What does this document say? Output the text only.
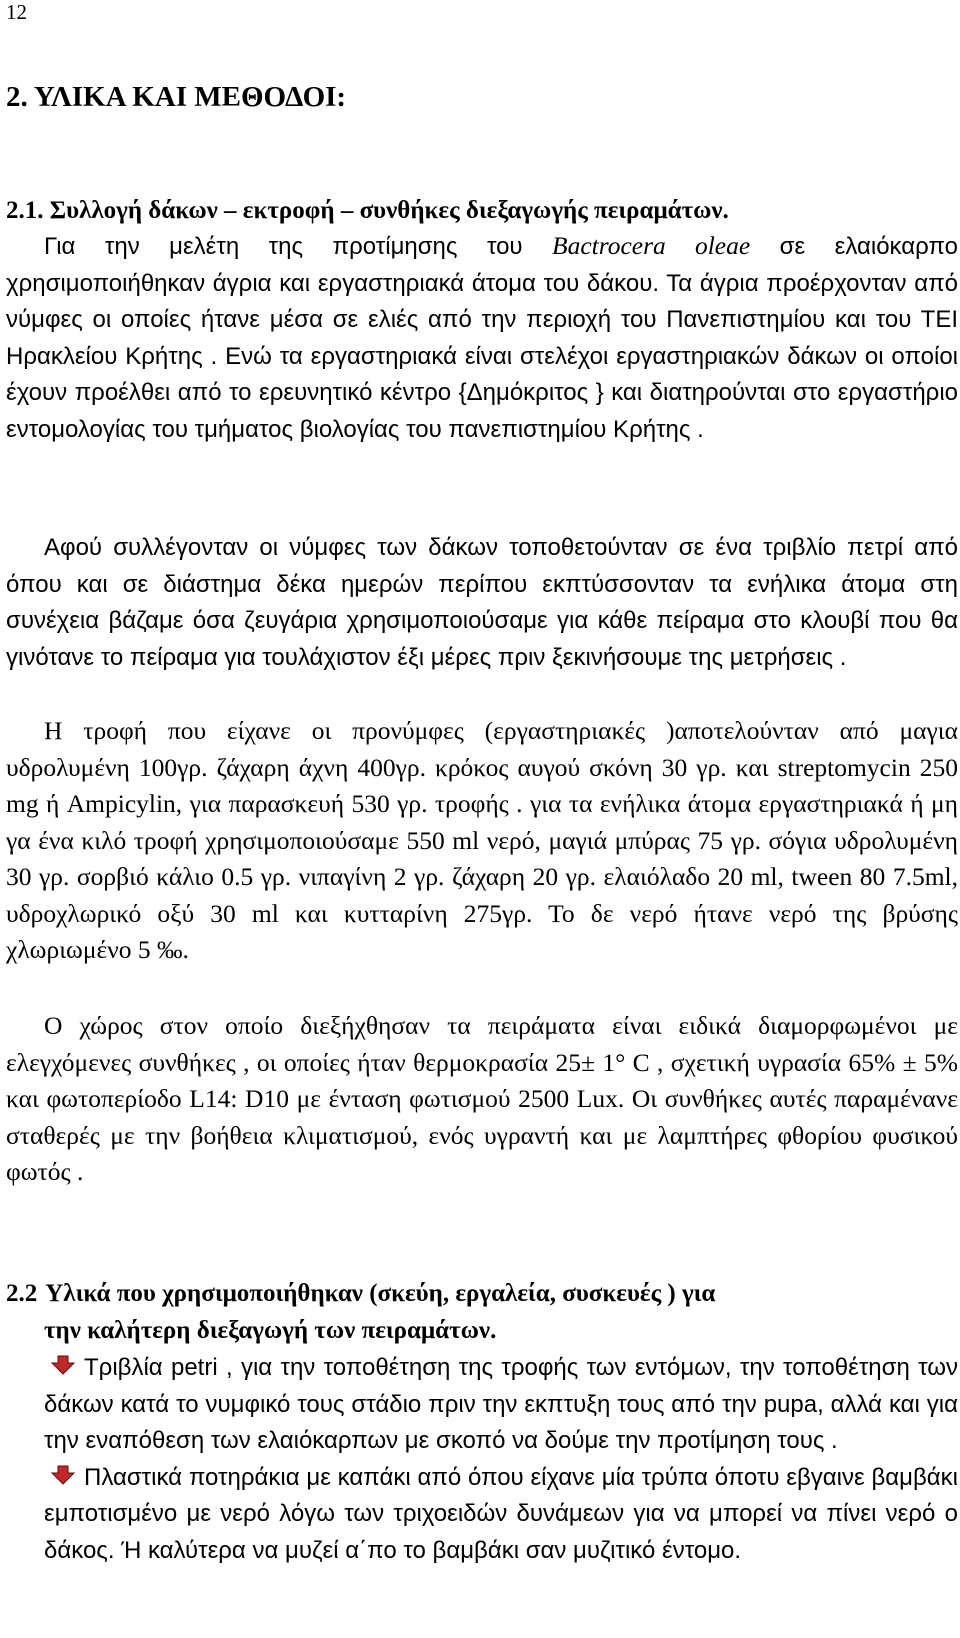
12
2. ΥΛΙΚΑ ΚΑΙ ΜΕΘΟΔΟΙ:
2.1. Συλλογή δάκων – εκτροφή – συνθήκες διεξαγωγής πειραμάτων.

Για την μελέτη της προτίμησης του Bactrocera oleae σε ελαιόκαρπο χρησιμοποιήθηκαν άγρια και εργαστηριακά άτομα του δάκου. Τα άγρια προέρχονταν από νύμφες οι οποίες ήτανε μέσα σε ελιές από την περιοχή του Πανεπιστημίου και του ΤΕΙ Ηρακλείου Κρήτης . Ενώ τα εργαστηριακά είναι στελέχοι εργαστηριακών δάκων οι οποίοι έχουν προέλθει από το ερευνητικό κέντρο {Δημόκριτος } και διατηρούνται στο εργαστήριο εντομολογίας του τμήματος βιολογίας του πανεπιστημίου Κρήτης .

Αφού συλλέγονταν οι νύμφες των δάκων τοποθετούνταν σε ένα τριβλίο πετρί από όπου και σε διάστημα δέκα ημερών περίπου εκπτύσσονταν τα ενήλικα άτομα στη συνέχεια βάζαμε όσα ζευγάρια χρησιμοποιούσαμε για κάθε πείραμα στο κλουβί που θα γινότανε το πείραμα για τουλάχιστον έξι μέρες πριν ξεκινήσουμε της μετρήσεις .

Η τροφή που είχανε οι προνύμφες (εργαστηριακές )αποτελούνταν από μαγια υδρολυμένη 100γρ. ζάχαρη άχνη 400γρ. κρόκος αυγού σκόνη 30 γρ. και streptomycin 250 mg ή Ampicylin, για παρασκευή 530 γρ. τροφής . για τα ενήλικα άτομα εργαστηριακά ή μη γα ένα κιλό τροφή χρησιμοποιούσαμε 550 ml νερό, μαγιά μπύρας 75 γρ. σόγια υδρολυμένη 30 γρ. σορβιό κάλιο 0.5 γρ. νιπαγίνη 2 γρ. ζάχαρη 20 γρ. ελαιόλαδο 20 ml, tween 80 7.5ml, υδροχλωρικό οξύ 30 ml και κυτταρίνη 275γρ. Το δε νερό ήτανε νερό της βρύσης χλωριωμένο 5 ‰.

Ο χώρος στον οποίο διεξήχθησαν τα πειράματα είναι ειδικά διαμορφωμένοι με ελεγχόμενες συνθήκες , οι οποίες ήταν θερμοκρασία 25± 1° C , σχετική υγρασία 65% ± 5% και φωτοπερίοδο L14: D10 με ένταση φωτισμού 2500 Lux. Οι συνθήκες αυτές παραμένανε σταθερές με την βοήθεια κλιματισμού, ενός υγραντή και με λαμπτήρες φθορίου φυσικού φωτός .

2.2 Υλικά που χρησιμοποιήθηκαν (σκεύη, εργαλεία, συσκευές ) για
την καλήτερη διεξαγωγή των πειραμάτων.
Τριβλία petri , για την τοποθέτηση της τροφής των εντόμων, την τοποθέτηση των δάκων κατά το νυμφικό τους στάδιο πριν την εκπτυξη τους από την pupa, αλλά και για την εναπόθεση των ελαιόκαρπων με σκοπό να δούμε την προτίμηση τους .
Πλαστικά ποτηράκια με καπάκι από όπου είχανε μία τρύπα όποτυ εβγαινε βαμβάκι εμποτισμένο με νερό λόγω των τριχοειδών δυνάμεων για να μπορεί να πίνει νερό ο δάκος. Ή καλύτερα να μυζεί α΄πο το βαμβάκι σαν μυζιτικό έντομο.
